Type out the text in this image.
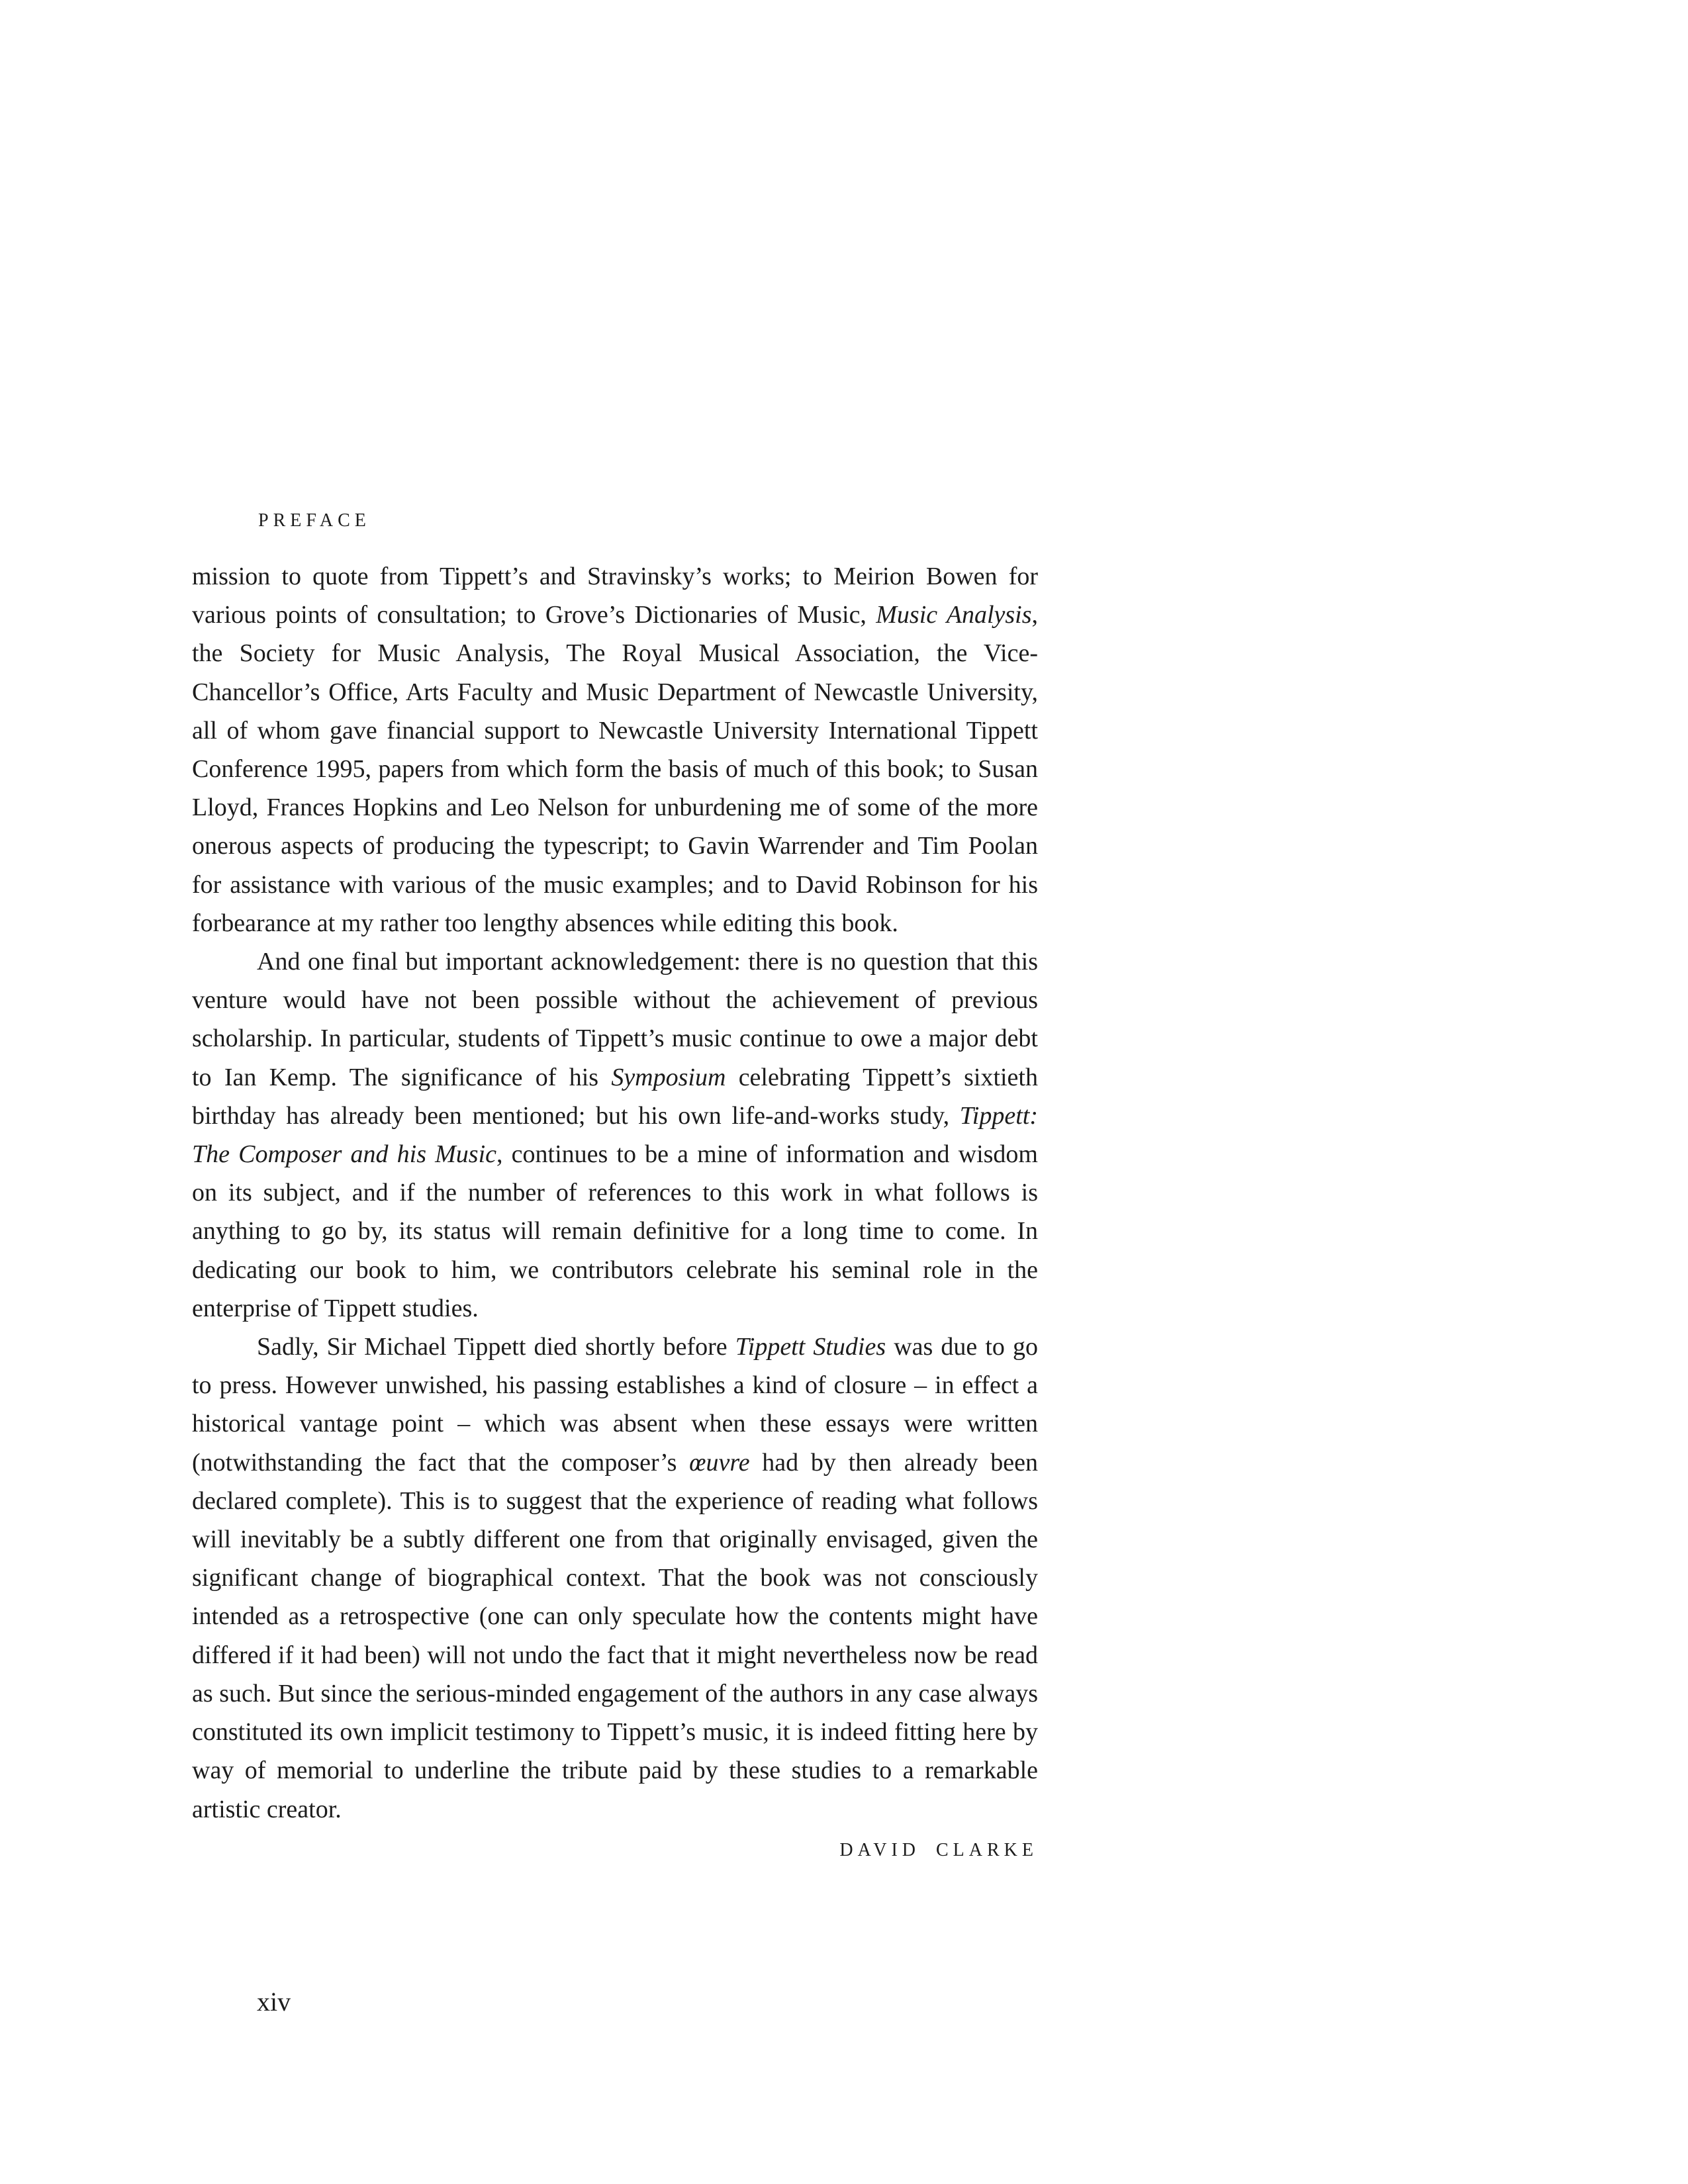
PREFACE

mission to quote from Tippett’s and Stravinsky’s works; to Meirion Bowen for various points of consultation; to Grove’s Dictionaries of Music, Music Analysis, the Society for Music Analysis, The Royal Musical Association, the Vice-Chancellor’s Office, Arts Faculty and Music Department of Newcastle University, all of whom gave financial support to Newcastle University International Tippett Conference 1995, papers from which form the basis of much of this book; to Susan Lloyd, Frances Hopkins and Leo Nelson for unburdening me of some of the more onerous aspects of producing the typescript; to Gavin Warrender and Tim Poolan for assistance with various of the music examples; and to David Robinson for his forbearance at my rather too lengthy absences while editing this book.

And one final but important acknowledgement: there is no question that this venture would have not been possible without the achievement of previous scholarship. In particular, students of Tippett’s music continue to owe a major debt to Ian Kemp. The significance of his Symposium celebrating Tippett’s sixtieth birthday has already been mentioned; but his own life-and-works study, Tippett: The Composer and his Music, continues to be a mine of information and wisdom on its subject, and if the number of references to this work in what follows is anything to go by, its status will remain definitive for a long time to come. In dedicating our book to him, we contributors celebrate his seminal role in the enterprise of Tippett studies.

Sadly, Sir Michael Tippett died shortly before Tippett Studies was due to go to press. However unwished, his passing establishes a kind of closure – in effect a historical vantage point – which was absent when these essays were written (notwithstanding the fact that the composer’s œuvre had by then already been declared complete). This is to suggest that the experience of reading what follows will inevitably be a subtly different one from that originally envisaged, given the significant change of biographical context. That the book was not consciously intended as a retrospective (one can only speculate how the contents might have differed if it had been) will not undo the fact that it might nevertheless now be read as such. But since the serious-minded engagement of the authors in any case always constituted its own implicit testimony to Tippett’s music, it is indeed fitting here by way of memorial to underline the tribute paid by these studies to a remarkable artistic creator.

DAVID CLARKE
xiv
